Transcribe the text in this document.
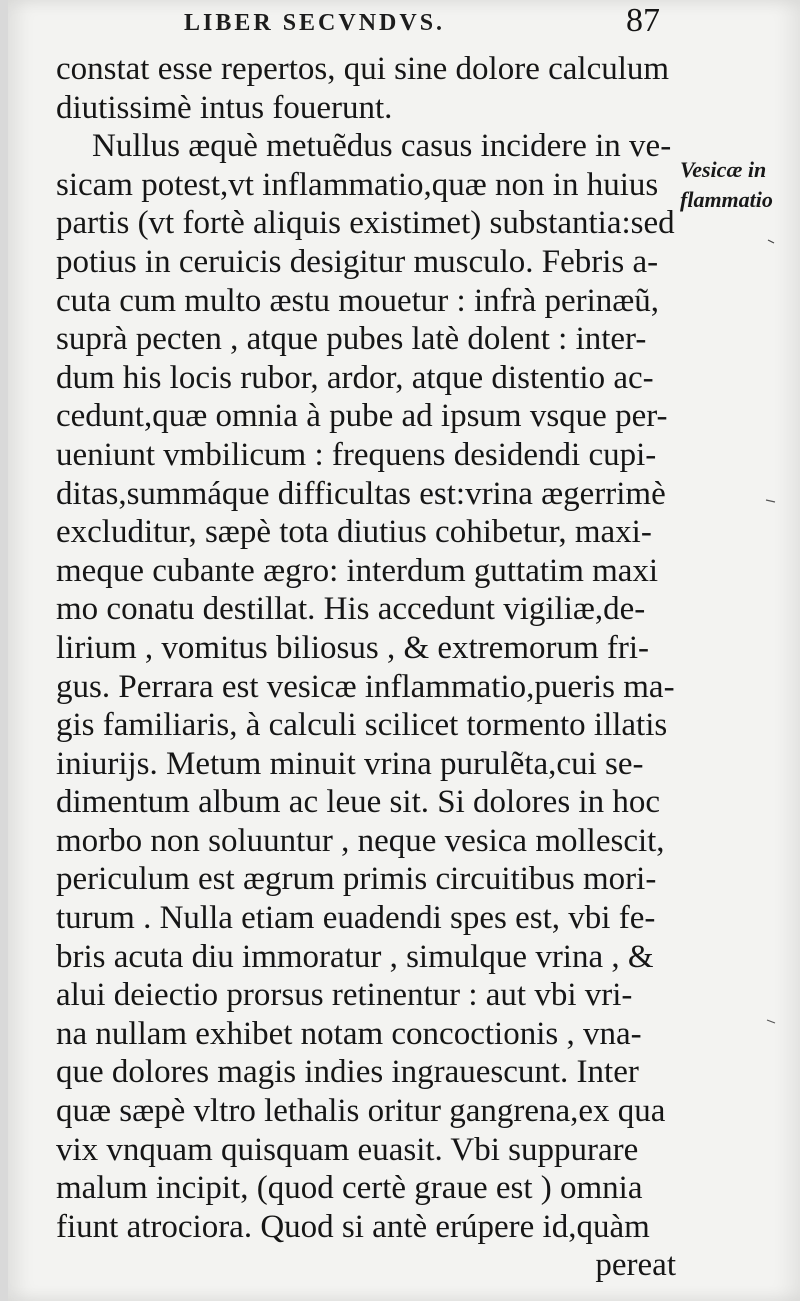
LIBER SECVNDVS.	87
Vesicæ in
flammatio
constat esse repertos, qui sine dolore calculum
diutissimè intus fouerunt.
Nullus æquè metuẽdus casus incidere in ve-
sicam potest,vt inflammatio,quæ non in huius
partis (vt fortè aliquis existimet) substantia:sed
potius in ceruicis desigitur musculo. Febris a-
cuta cum multo æstu mouetur : infrà perinæũ,
suprà pecten , atque pubes latè dolent : inter-
dum his locis rubor, ardor, atque distentio ac-
cedunt,quæ omnia à pube ad ipsum vsque per-
ueniunt vmbilicum : frequens desidendi cupi-
ditas,summáque difficultas est:vrina ægerrimè
excluditur, sæpè tota diutius cohibetur, maxi-
meque cubante ægro: interdum guttatim maxi
mo conatu destillat. His accedunt vigiliæ,de-
lirium , vomitus biliosus , & extremorum fri-
gus. Perrara est vesicæ inflammatio,pueris ma-
gis familiaris, à calculi scilicet tormento illatis
iniurijs. Metum minuit vrina purulẽta,cui se-
dimentum album ac leue sit. Si dolores in hoc
morbo non soluuntur , neque vesica mollescit,
periculum est ægrum primis circuitibus mori-
turum . Nulla etiam euadendi spes est, vbi fe-
bris acuta diu immoratur , simulque vrina , &
alui deiectio prorsus retinentur : aut vbi vri-
na nullam exhibet notam concoctionis , vna-
que dolores magis indies ingrauescunt. Inter
quæ sæpè vltro lethalis oritur gangrena,ex qua
vix vnquam quisquam euasit. Vbi suppurare
malum incipit, (quod certè graue est ) omnia
fiunt atrociora. Quod si antè erúpere id,quàm
pereat
